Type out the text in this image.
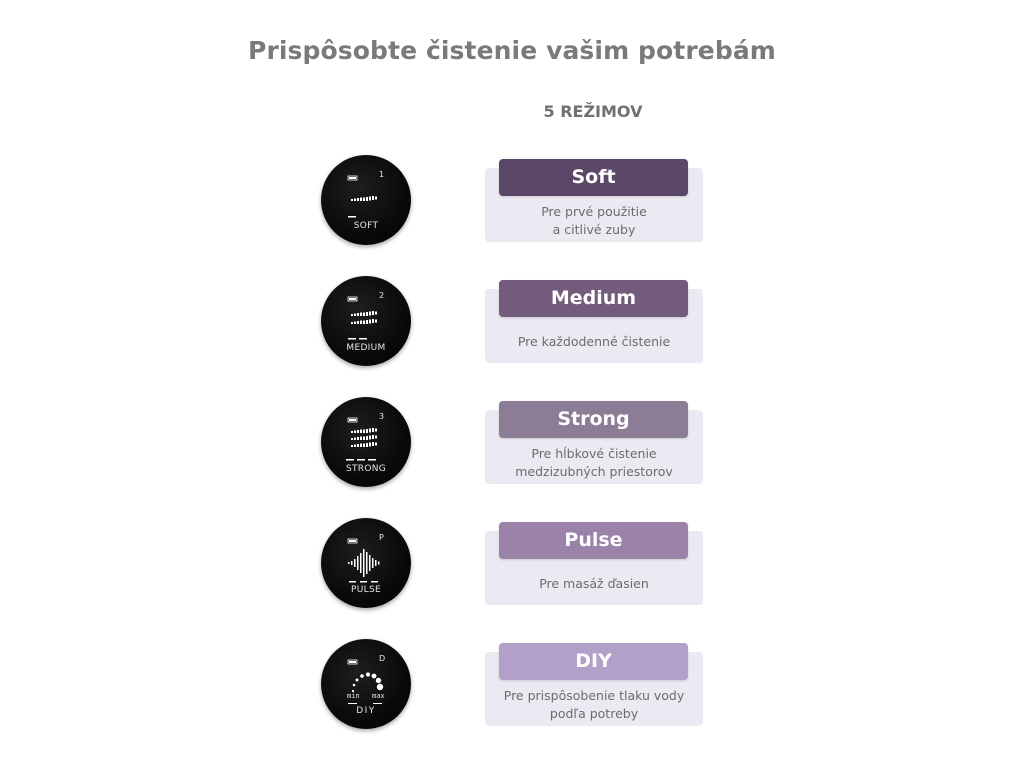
Prispôsobte čistenie vašim potrebám
5 REŽIMOV
1
SOFT
Pre prvé použitie
a citlivé zuby
Soft
2
MEDIUM	Pre každodenné čistenie
Medium
3
STRONG
Pre hĺbkové čistenie
medzizubných priestorov
Strong
P
PULSE	Pre masáž ďasien
Pulse
D
min max
DIY
Pre prispôsobenie tlaku vody
podľa potreby
DIY
